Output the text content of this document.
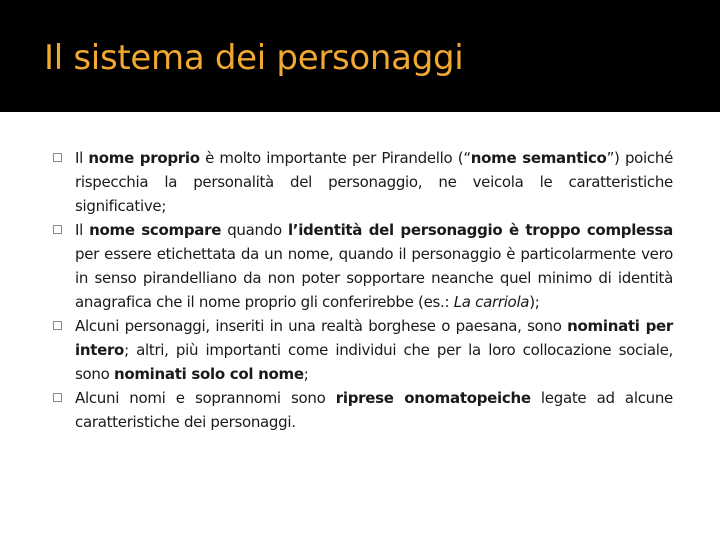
Il sistema dei personaggi
Il nome proprio è molto importante per Pirandello (“nome semantico”) poiché rispecchia la personalità del personaggio, ne veicola le caratteristiche significative;
Il nome scompare quando l’identità del personaggio è troppo complessa per essere etichettata da un nome, quando il personaggio è particolarmente vero in senso pirandelliano da non poter sopportare neanche quel minimo di identità anagrafica che il nome proprio gli conferirebbe (es.: La carriola);
Alcuni personaggi, inseriti in una realtà borghese o paesana, sono nominati per intero; altri, più importanti come individui che per la loro collocazione sociale, sono nominati solo col nome;
Alcuni nomi e soprannomi sono riprese onomatopeiche legate ad alcune caratteristiche dei personaggi.
